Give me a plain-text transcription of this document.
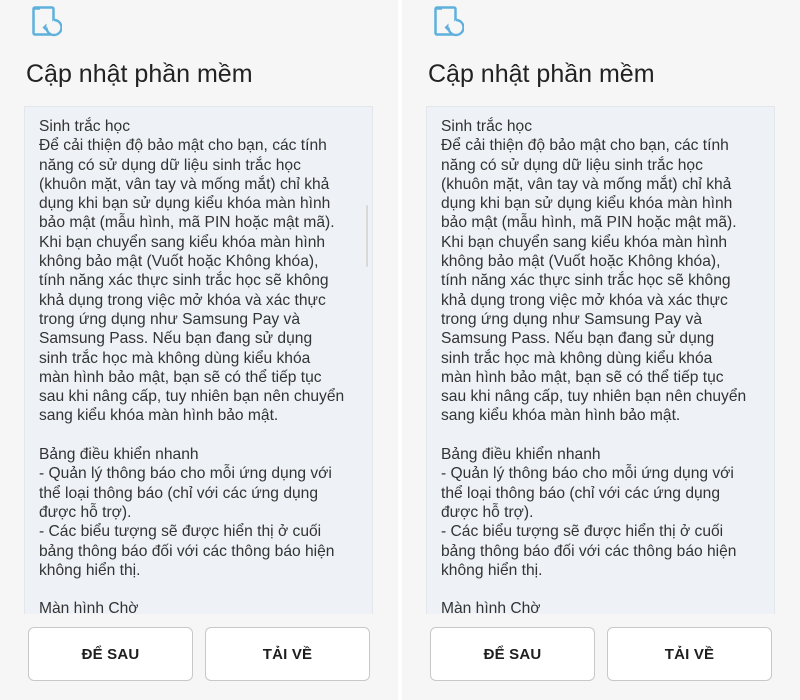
Cập nhật phần mềm
Sinh trắc học
Để cải thiện độ bảo mật cho bạn, các tính
năng có sử dụng dữ liệu sinh trắc học
(khuôn mặt, vân tay và mống mắt) chỉ khả
dụng khi bạn sử dụng kiểu khóa màn hình
bảo mật (mẫu hình, mã PIN hoặc mật mã).
Khi bạn chuyển sang kiểu khóa màn hình
không bảo mật (Vuốt hoặc Không khóa),
tính năng xác thực sinh trắc học sẽ không
khả dụng trong việc mở khóa và xác thực
trong ứng dụng như Samsung Pay và
Samsung Pass. Nếu bạn đang sử dụng
sinh trắc học mà không dùng kiểu khóa
màn hình bảo mật, bạn sẽ có thể tiếp tục
sau khi nâng cấp, tuy nhiên bạn nên chuyển
sang kiểu khóa màn hình bảo mật.
Bảng điều khiển nhanh
- Quản lý thông báo cho mỗi ứng dụng với
thể loại thông báo (chỉ với các ứng dụng
được hỗ trợ).
- Các biểu tượng sẽ được hiển thị ở cuối
bảng thông báo đối với các thông báo hiện
không hiển thị.
Màn hình Chờ
ĐỂ SAU	TẢI VỀ
Cập nhật phần mềm
Sinh trắc học
Để cải thiện độ bảo mật cho bạn, các tính
năng có sử dụng dữ liệu sinh trắc học
(khuôn mặt, vân tay và mống mắt) chỉ khả
dụng khi bạn sử dụng kiểu khóa màn hình
bảo mật (mẫu hình, mã PIN hoặc mật mã).
Khi bạn chuyển sang kiểu khóa màn hình
không bảo mật (Vuốt hoặc Không khóa),
tính năng xác thực sinh trắc học sẽ không
khả dụng trong việc mở khóa và xác thực
trong ứng dụng như Samsung Pay và
Samsung Pass. Nếu bạn đang sử dụng
sinh trắc học mà không dùng kiểu khóa
màn hình bảo mật, bạn sẽ có thể tiếp tục
sau khi nâng cấp, tuy nhiên bạn nên chuyển
sang kiểu khóa màn hình bảo mật.
Bảng điều khiển nhanh
- Quản lý thông báo cho mỗi ứng dụng với
thể loại thông báo (chỉ với các ứng dụng
được hỗ trợ).
- Các biểu tượng sẽ được hiển thị ở cuối
bảng thông báo đối với các thông báo hiện
không hiển thị.
Màn hình Chờ
ĐỂ SAU	TẢI VỀ
